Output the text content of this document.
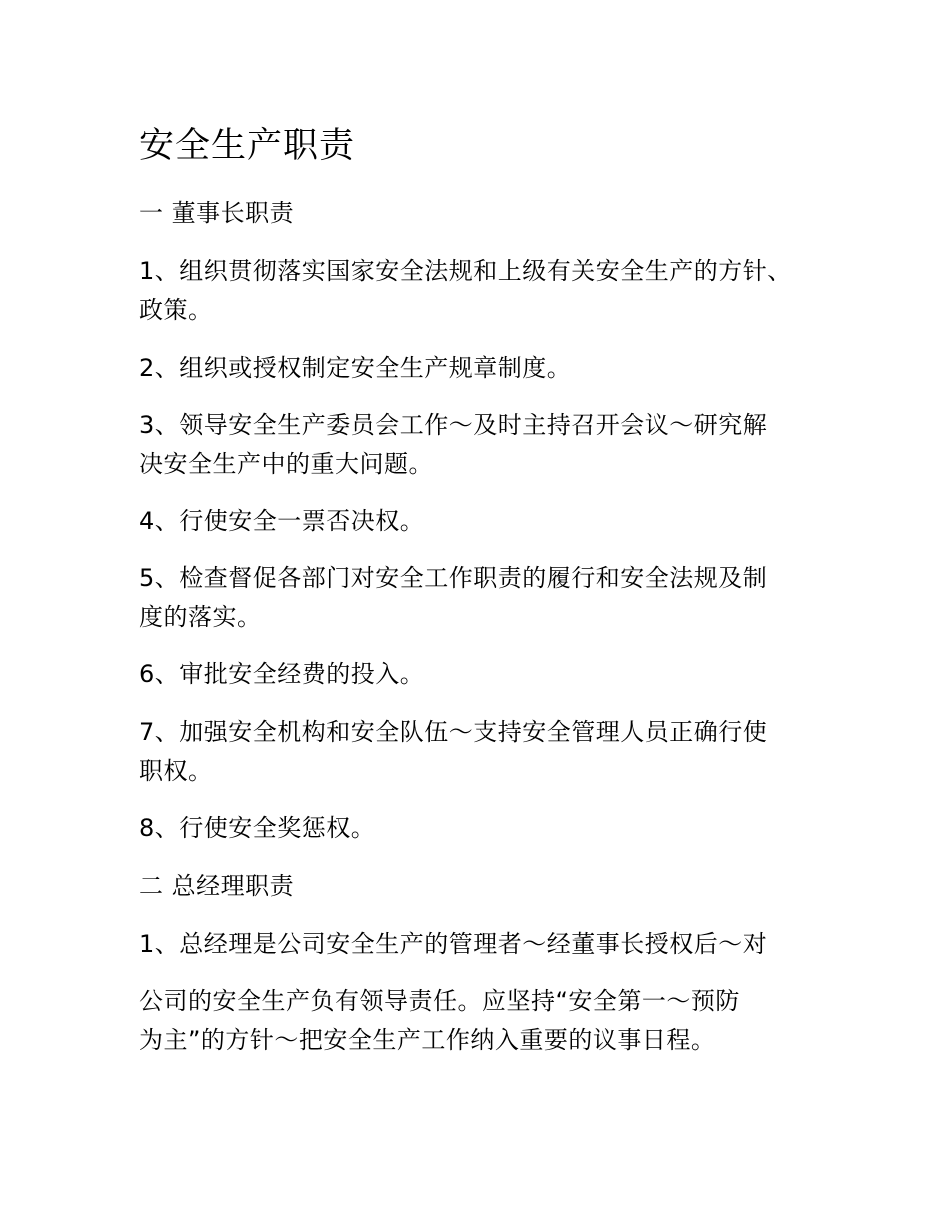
安全生产职责
一 董事长职责
1、组织贯彻落实国家安全法规和上级有关安全生产的方针、
政策。
2、组织或授权制定安全生产规章制度。
3、领导安全生产委员会工作～及时主持召开会议～研究解
决安全生产中的重大问题。
4、行使安全一票否决权。
5、检查督促各部门对安全工作职责的履行和安全法规及制
度的落实。
6、审批安全经费的投入。
7、加强安全机构和安全队伍～支持安全管理人员正确行使
职权。
8、行使安全奖惩权。
二 总经理职责
1、总经理是公司安全生产的管理者～经董事长授权后～对
公司的安全生产负有领导责任。应坚持“安全第一～预防
为主”的方针～把安全生产工作纳入重要的议事日程。
